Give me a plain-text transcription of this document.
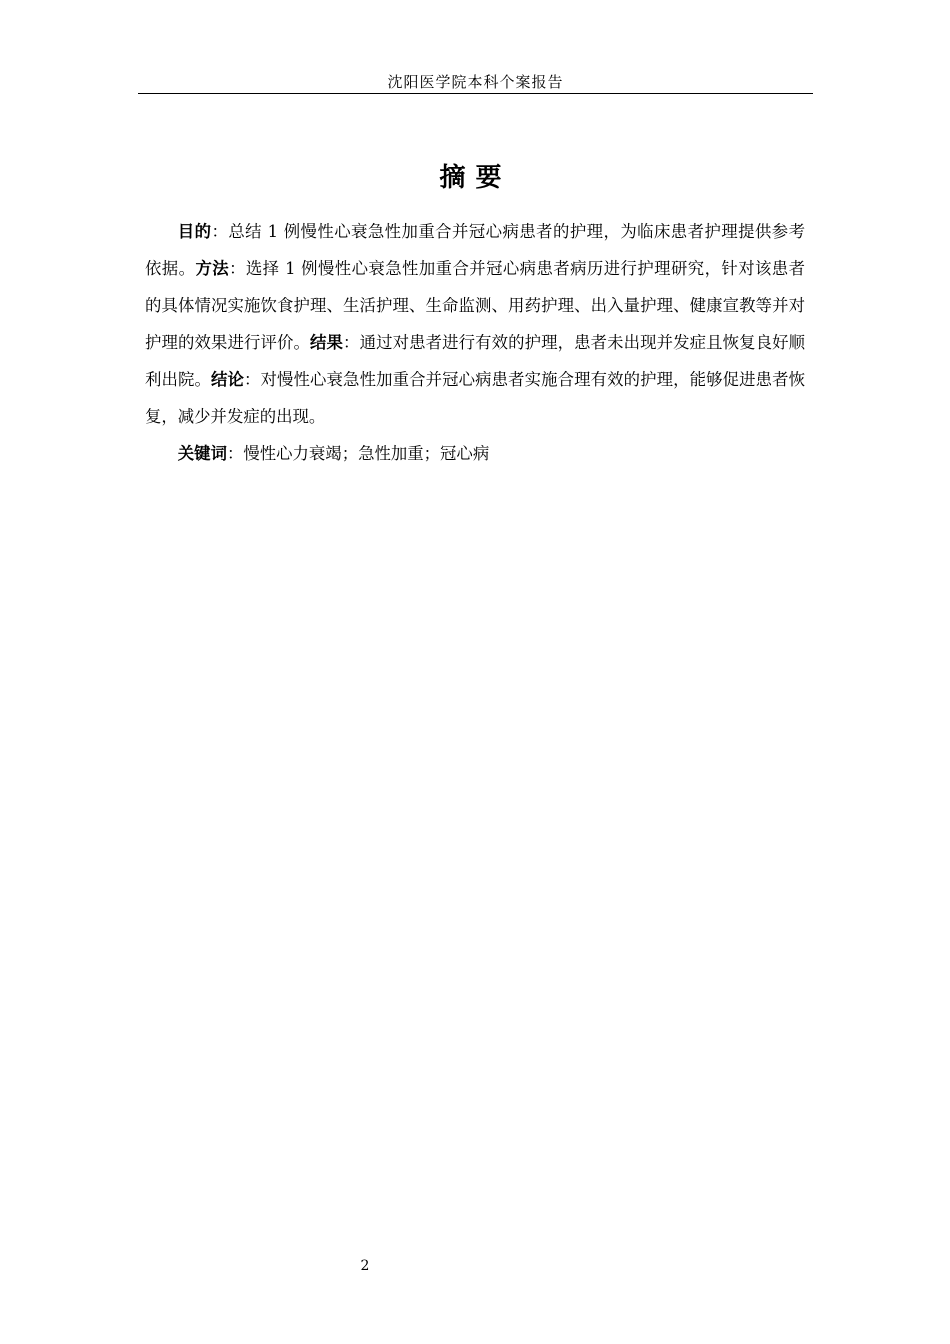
沈阳医学院本科个案报告
摘要

目的：总结 1 例慢性心衰急性加重合并冠心病患者的护理，为临床患者护理提供参考依据。方法：选择 1 例慢性心衰急性加重合并冠心病患者病历进行护理研究，针对该患者的具体情况实施饮食护理、生活护理、生命监测、用药护理、出入量护理、健康宣教等并对护理的效果进行评价。结果：通过对患者进行有效的护理，患者未出现并发症且恢复良好顺利出院。结论：对慢性心衰急性加重合并冠心病患者实施合理有效的护理，能够促进患者恢复，减少并发症的出现。

关键词：慢性心力衰竭；急性加重；冠心病

2
